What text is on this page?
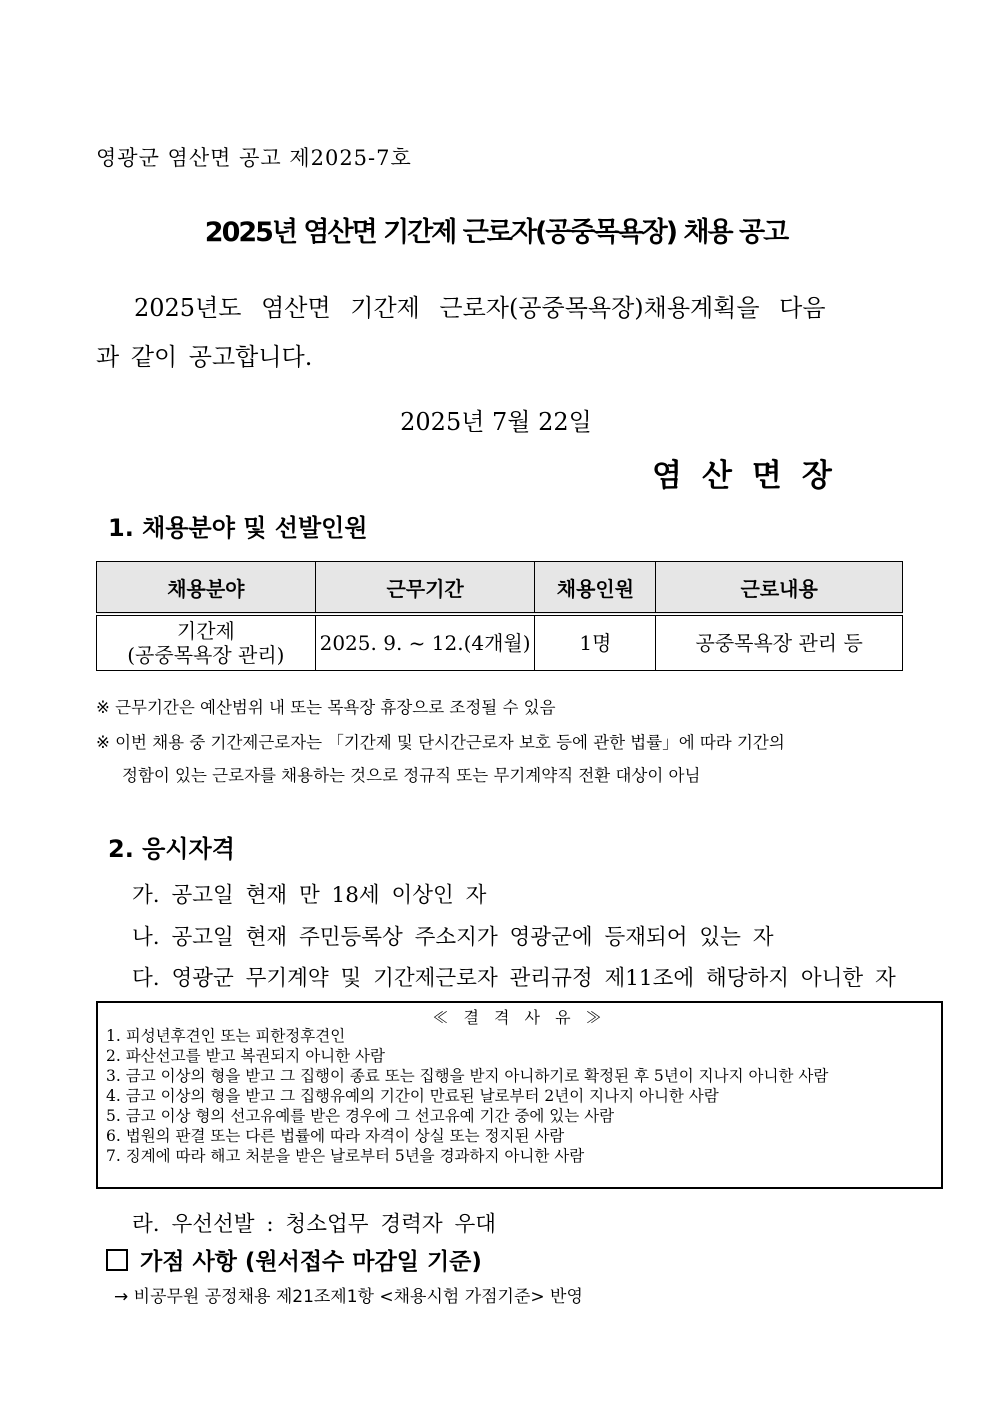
영광군 염산면 공고 제2025-7호
2025년 염산면 기간제 근로자(공중목욕장) 채용 공고
2025년도 염산면 기간제 근로자(공중목욕장)채용계획을 다음
과 같이 공고합니다.
2025년 7월 22일
염산면장
1. 채용분야 및 선발인원
채용분야	근무기간	채용인원	근로내용

기간제
(공중목욕장 관리)	2025. 9. ~ 12.(4개월)	1명	공중목욕장 관리 등
※ 근무기간은 예산범위 내 또는 목욕장 휴장으로 조정될 수 있음
※ 이번 채용 중 기간제근로자는 「기간제 및 단시간근로자 보호 등에 관한 법률」에 따라 기간의
정함이 있는 근로자를 채용하는 것으로 정규직 또는 무기계약직 전환 대상이 아님
2. 응시자격
가. 공고일 현재 만 18세 이상인 자
나. 공고일 현재 주민등록상 주소지가 영광군에 등재되어 있는 자
다. 영광군 무기계약 및 기간제근로자 관리규정 제11조에 해당하지 아니한 자
≪ 결 격 사 유 ≫
1. 피성년후견인 또는 피한정후견인
2. 파산선고를 받고 복권되지 아니한 사람
3. 금고 이상의 형을 받고 그 집행이 종료 또는 집행을 받지 아니하기로 확정된 후 5년이 지나지 아니한 사람
4. 금고 이상의 형을 받고 그 집행유예의 기간이 만료된 날로부터 2년이 지나지 아니한 사람
5. 금고 이상 형의 선고유예를 받은 경우에 그 선고유예 기간 중에 있는 사람
6. 법원의 판결 또는 다른 법률에 따라 자격이 상실 또는 정지된 사람
7. 징계에 따라 해고 처분을 받은 날로부터 5년을 경과하지 아니한 사람
라. 우선선발 : 청소업무 경력자 우대
가점 사항 (원서접수 마감일 기준)
→ 비공무원 공정채용 제21조제1항 <채용시험 가점기준> 반영
